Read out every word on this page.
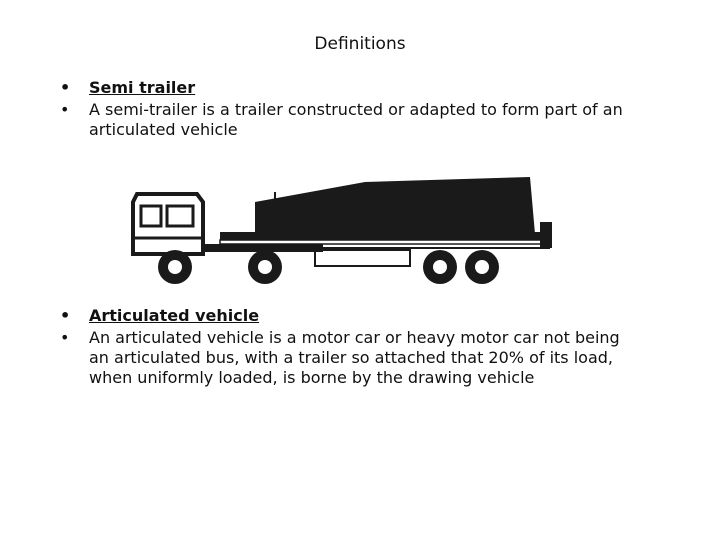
Definitions
• Semi trailer
• A semi-trailer is a trailer constructed or adapted to form part of an articulated vehicle
• Articulated vehicle
• An articulated vehicle is a motor car or heavy motor car not being an articulated bus, with a trailer so attached that 20% of its load, when uniformly loaded, is borne by the drawing vehicle
